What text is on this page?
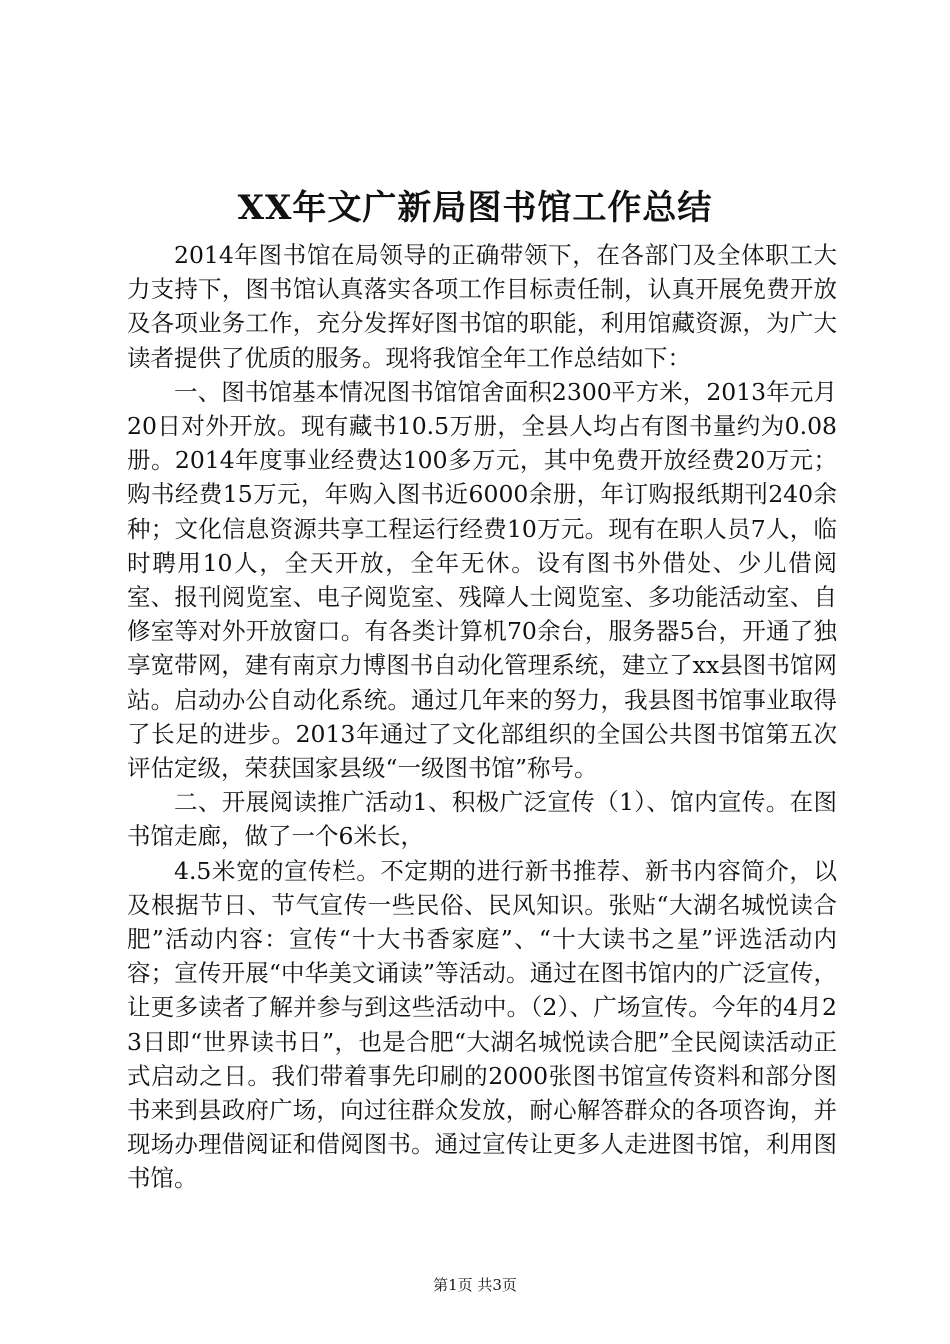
XX年文广新局图书馆工作总结

2014年图书馆在局领导的正确带领下，在各部门及全体职工大力支持下，图书馆认真落实各项工作目标责任制，认真开展免费开放及各项业务工作，充分发挥好图书馆的职能，利用馆藏资源，为广大读者提供了优质的服务。现将我馆全年工作总结如下：

一、图书馆基本情况图书馆馆舍面积2300平方米，2013年元月20日对外开放。现有藏书10.5万册，全县人均占有图书量约为0.08册。2014年度事业经费达100多万元，其中免费开放经费20万元；购书经费15万元，年购入图书近6000余册，年订购报纸期刊240余种；文化信息资源共享工程运行经费10万元。现有在职人员7人，临时聘用10人，全天开放，全年无休。设有图书外借处、少儿借阅室、报刊阅览室、电子阅览室、残障人士阅览室、多功能活动室、自修室等对外开放窗口。有各类计算机70余台，服务器5台，开通了独享宽带网，建有南京力博图书自动化管理系统，建立了xx县图书馆网站。启动办公自动化系统。通过几年来的努力，我县图书馆事业取得了长足的进步。2013年通过了文化部组织的全国公共图书馆第五次评估定级，荣获国家县级“一级图书馆”称号。

二、开展阅读推广活动1、积极广泛宣传（1）、馆内宣传。在图书馆走廊，做了一个6米长，

4.5米宽的宣传栏。不定期的进行新书推荐、新书内容简介，以及根据节日、节气宣传一些民俗、民风知识。张贴“大湖名城悦读合肥”活动内容：宣传“十大书香家庭”、“十大读书之星”评选活动内容；宣传开展“中华美文诵读”等活动。通过在图书馆内的广泛宣传，让更多读者了解并参与到这些活动中。（2）、广场宣传。今年的4月23日即“世界读书日”，也是合肥“大湖名城悦读合肥”全民阅读活动正式启动之日。我们带着事先印刷的2000张图书馆宣传资料和部分图书来到县政府广场，向过往群众发放，耐心解答群众的各项咨询，并现场办理借阅证和借阅图书。通过宣传让更多人走进图书馆，利用图书馆。

第1页 共3页
